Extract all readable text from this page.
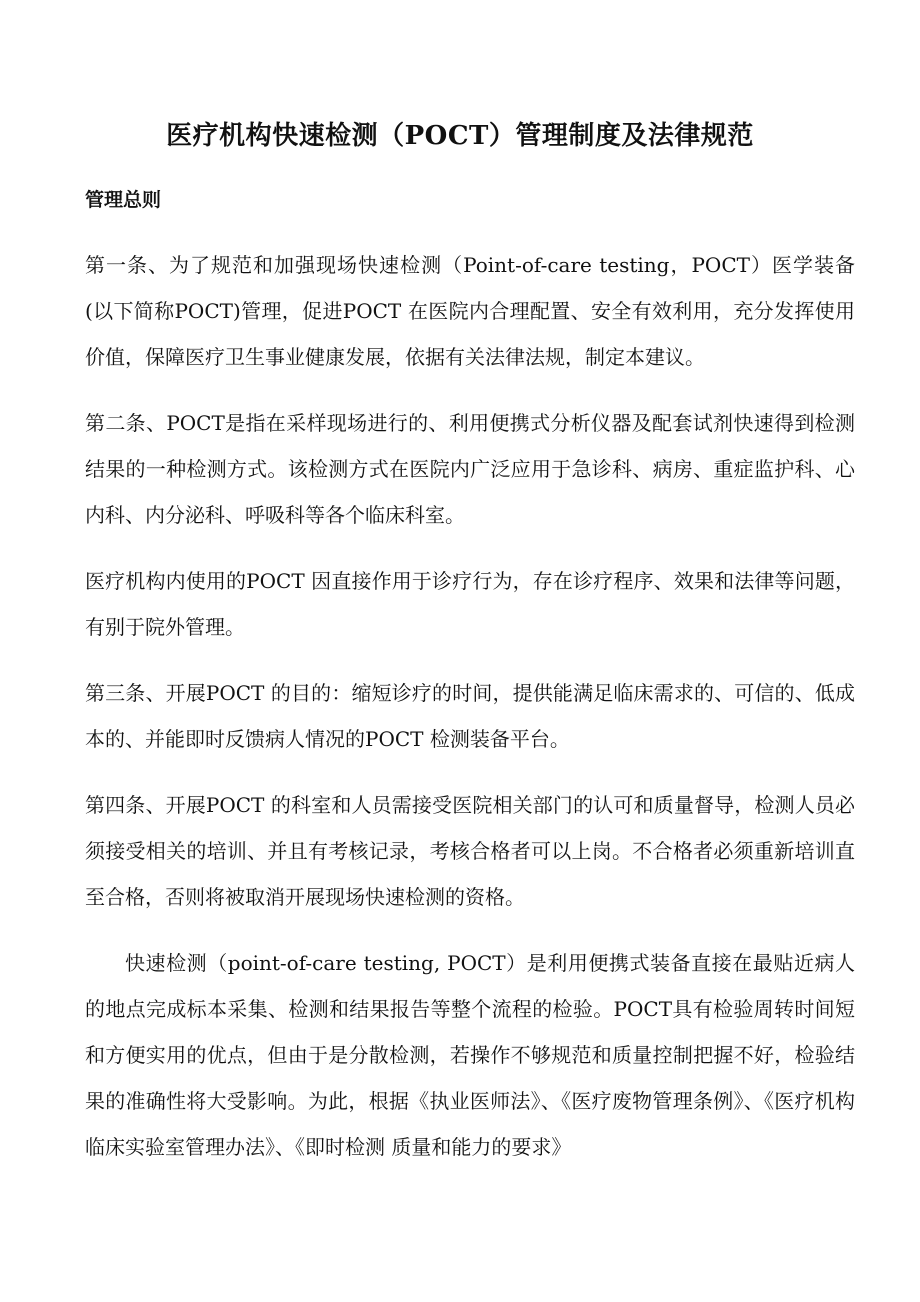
医疗机构快速检测（POCT）管理制度及法律规范
管理总则

第一条、为了规范和加强现场快速检测（Point-of-care testing，POCT）医学装备(以下简称POCT)管理，促进POCT 在医院内合理配置、安全有效利用，充分发挥使用价值，保障医疗卫生事业健康发展，依据有关法律法规，制定本建议。

第二条、POCT是指在采样现场进行的、利用便携式分析仪器及配套试剂快速得到检测结果的一种检测方式。该检测方式在医院内广泛应用于急诊科、病房、重症监护科、心内科、内分泌科、呼吸科等各个临床科室。

医疗机构内使用的POCT 因直接作用于诊疗行为，存在诊疗程序、效果和法律等问题，有别于院外管理。

第三条、开展POCT 的目的：缩短诊疗的时间，提供能满足临床需求的、可信的、低成本的、并能即时反馈病人情况的POCT 检测装备平台。

第四条、开展POCT 的科室和人员需接受医院相关部门的认可和质量督导，检测人员必须接受相关的培训、并且有考核记录，考核合格者可以上岗。不合格者必须重新培训直至合格，否则将被取消开展现场快速检测的资格。

快速检测（point-of-care testing, POCT）是利用便携式装备直接在最贴近病人的地点完成标本采集、检测和结果报告等整个流程的检验。POCT具有检验周转时间短和方便实用的优点，但由于是分散检测，若操作不够规范和质量控制把握不好，检验结果的准确性将大受影响。为此，根据《执业医师法》、《医疗废物管理条例》、《医疗机构临床实验室管理办法》、《即时检测 质量和能力的要求》
